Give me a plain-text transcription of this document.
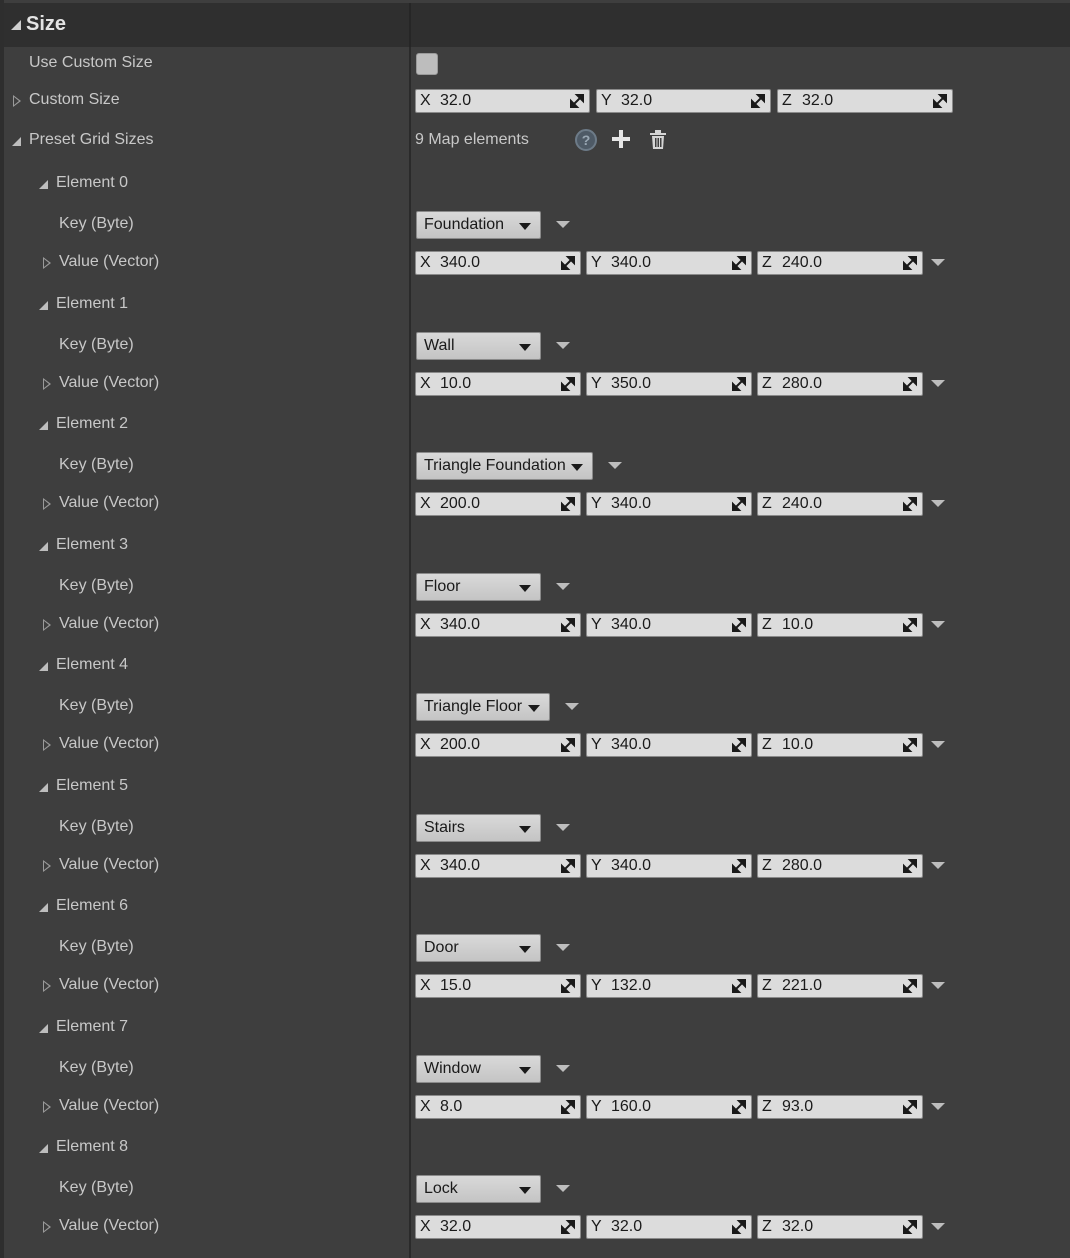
Size
Use Custom Size
Custom Size	X 32.0	Y 32.0	Z 32.0
Preset Grid Sizes	9 Map elements	?
Element 0
Key (Byte)	Foundation
Value (Vector)	X 340.0	Y 340.0	Z 240.0
Element 1
Key (Byte)	Wall
Value (Vector)	X 10.0	Y 350.0	Z 280.0
Element 2
Key (Byte)	Triangle Foundation
Value (Vector)	X 200.0	Y 340.0	Z 240.0
Element 3
Key (Byte)	Floor
Value (Vector)	X 340.0	Y 340.0	Z 10.0
Element 4
Key (Byte)	Triangle Floor
Value (Vector)	X 200.0	Y 340.0	Z 10.0
Element 5
Key (Byte)	Stairs
Value (Vector)	X 340.0	Y 340.0	Z 280.0
Element 6
Key (Byte)	Door
Value (Vector)	X 15.0	Y 132.0	Z 221.0
Element 7
Key (Byte)	Window
Value (Vector)	X 8.0	Y 160.0	Z 93.0
Element 8
Key (Byte)	Lock
Value (Vector)	X 32.0	Y 32.0	Z 32.0
